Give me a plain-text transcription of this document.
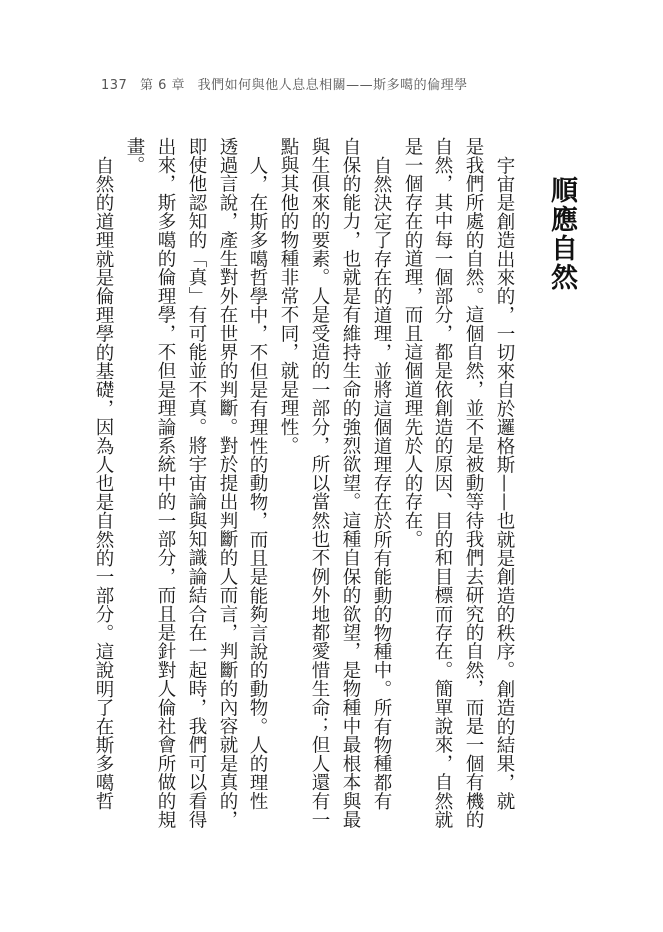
137 第 6 章 我們如何與他人息息相關——斯多噶的倫理學
順應自然
宇宙是創造出來的，一切來自於邏格斯——也就是創造的秩序。創造的結果，就
是我們所處的自然。這個自然，並不是被動等待我們去研究的自然，而是一個有機的
自然，其中每一個部分，都是依創造的原因、目的和目標而存在。簡單說來，自然就
是一個存在的道理，而且這個道理先於人的存在。
自然決定了存在的道理，並將這個道理存在於所有能動的物種中。所有物種都有
自保的能力，也就是有維持生命的強烈欲望。這種自保的欲望，是物種中最根本與最
與生俱來的要素。人是受造的一部分，所以當然也不例外地都愛惜生命；但人還有一
點與其他的物種非常不同，就是理性。
人，在斯多噶哲學中，不但是有理性的動物，而且是能夠言說的動物。人的理性
透過言說，產生對外在世界的判斷。對於提出判斷的人而言，判斷的內容就是真的，
即使他認知的「真」有可能並不真。將宇宙論與知識論結合在一起時，我們可以看得
出來，斯多噶的倫理學，不但是理論系統中的一部分，而且是針對人倫社會所做的規
畫。
自然的道理就是倫理學的基礎，因為人也是自然的一部分。這說明了在斯多噶哲
